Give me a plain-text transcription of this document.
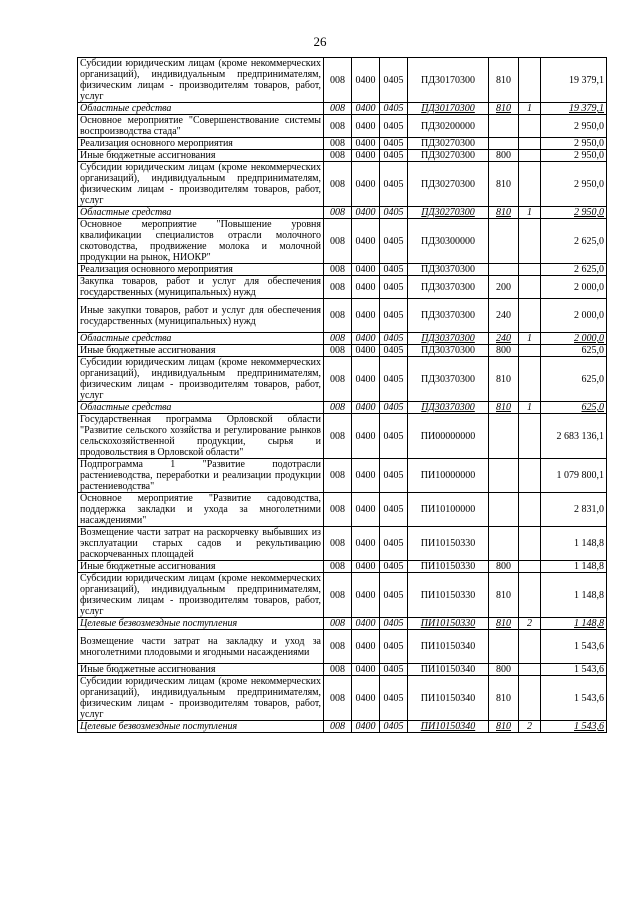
26
Субсидии юридическим лицам (кроме некоммерческих организаций), индивидуальным предпринимателям, физическим лицам - производителям товаров, работ, услуг	008	0400	0405	ПД30170300	810		19 379,1
Областные средства	008	0400	0405	ПД30170300	810	1	19 379,1
Основное мероприятие "Совершенствование системы воспроизводства стада"	008	0400	0405	ПД30200000			2 950,0
Реализация основного мероприятия	008	0400	0405	ПД30270300			2 950,0
Иные бюджетные ассигнования	008	0400	0405	ПД30270300	800		2 950,0
Субсидии юридическим лицам (кроме некоммерческих организаций), индивидуальным предпринимателям, физическим лицам - производителям товаров, работ, услуг	008	0400	0405	ПД30270300	810		2 950,0
Областные средства	008	0400	0405	ПД30270300	810	1	2 950,0
Основное мероприятие "Повышение уровня квалификации специалистов отрасли молочного скотоводства, продвижение молока и молочной продукции на рынок, НИОКР"	008	0400	0405	ПД30300000			2 625,0
Реализация основного мероприятия	008	0400	0405	ПД30370300			2 625,0
Закупка товаров, работ и услуг для обеспечения государственных (муниципальных) нужд	008	0400	0405	ПД30370300	200		2 000,0
Иные закупки товаров, работ и услуг для обеспечения государственных (муниципальных) нужд	008	0400	0405	ПД30370300	240		2 000,0
Областные средства	008	0400	0405	ПД30370300	240	1	2 000,0
Иные бюджетные ассигнования	008	0400	0405	ПД30370300	800		625,0
Субсидии юридическим лицам (кроме некоммерческих организаций), индивидуальным предпринимателям, физическим лицам - производителям товаров, работ, услуг	008	0400	0405	ПД30370300	810		625,0
Областные средства	008	0400	0405	ПД30370300	810	1	625,0
Государственная программа Орловской области "Развитие сельского хозяйства и регулирование рынков сельскохозяйственной продукции, сырья и продовольствия в Орловской области"	008	0400	0405	ПИ00000000			2 683 136,1
Подпрограмма 1 "Развитие подотрасли растениеводства, переработки и реализации продукции растениеводства"	008	0400	0405	ПИ10000000			1 079 800,1
Основное мероприятие "Развитие садоводства, поддержка закладки и ухода за многолетними насаждениями"	008	0400	0405	ПИ10100000			2 831,0
Возмещение части затрат на раскорчевку выбывших из эксплуатации старых садов и рекультивацию раскорчеванных площадей	008	0400	0405	ПИ10150330			1 148,8
Иные бюджетные ассигнования	008	0400	0405	ПИ10150330	800		1 148,8
Субсидии юридическим лицам (кроме некоммерческих организаций), индивидуальным предпринимателям, физическим лицам - производителям товаров, работ, услуг	008	0400	0405	ПИ10150330	810		1 148,8
Целевые безвозмездные поступления	008	0400	0405	ПИ10150330	810	2	1 148,8
Возмещение части затрат на закладку и уход за многолетними плодовыми и ягодными насаждениями	008	0400	0405	ПИ10150340			1 543,6
Иные бюджетные ассигнования	008	0400	0405	ПИ10150340	800		1 543,6
Субсидии юридическим лицам (кроме некоммерческих организаций), индивидуальным предпринимателям, физическим лицам - производителям товаров, работ, услуг	008	0400	0405	ПИ10150340	810		1 543,6
Целевые безвозмездные поступления	008	0400	0405	ПИ10150340	810	2	1 543,6
